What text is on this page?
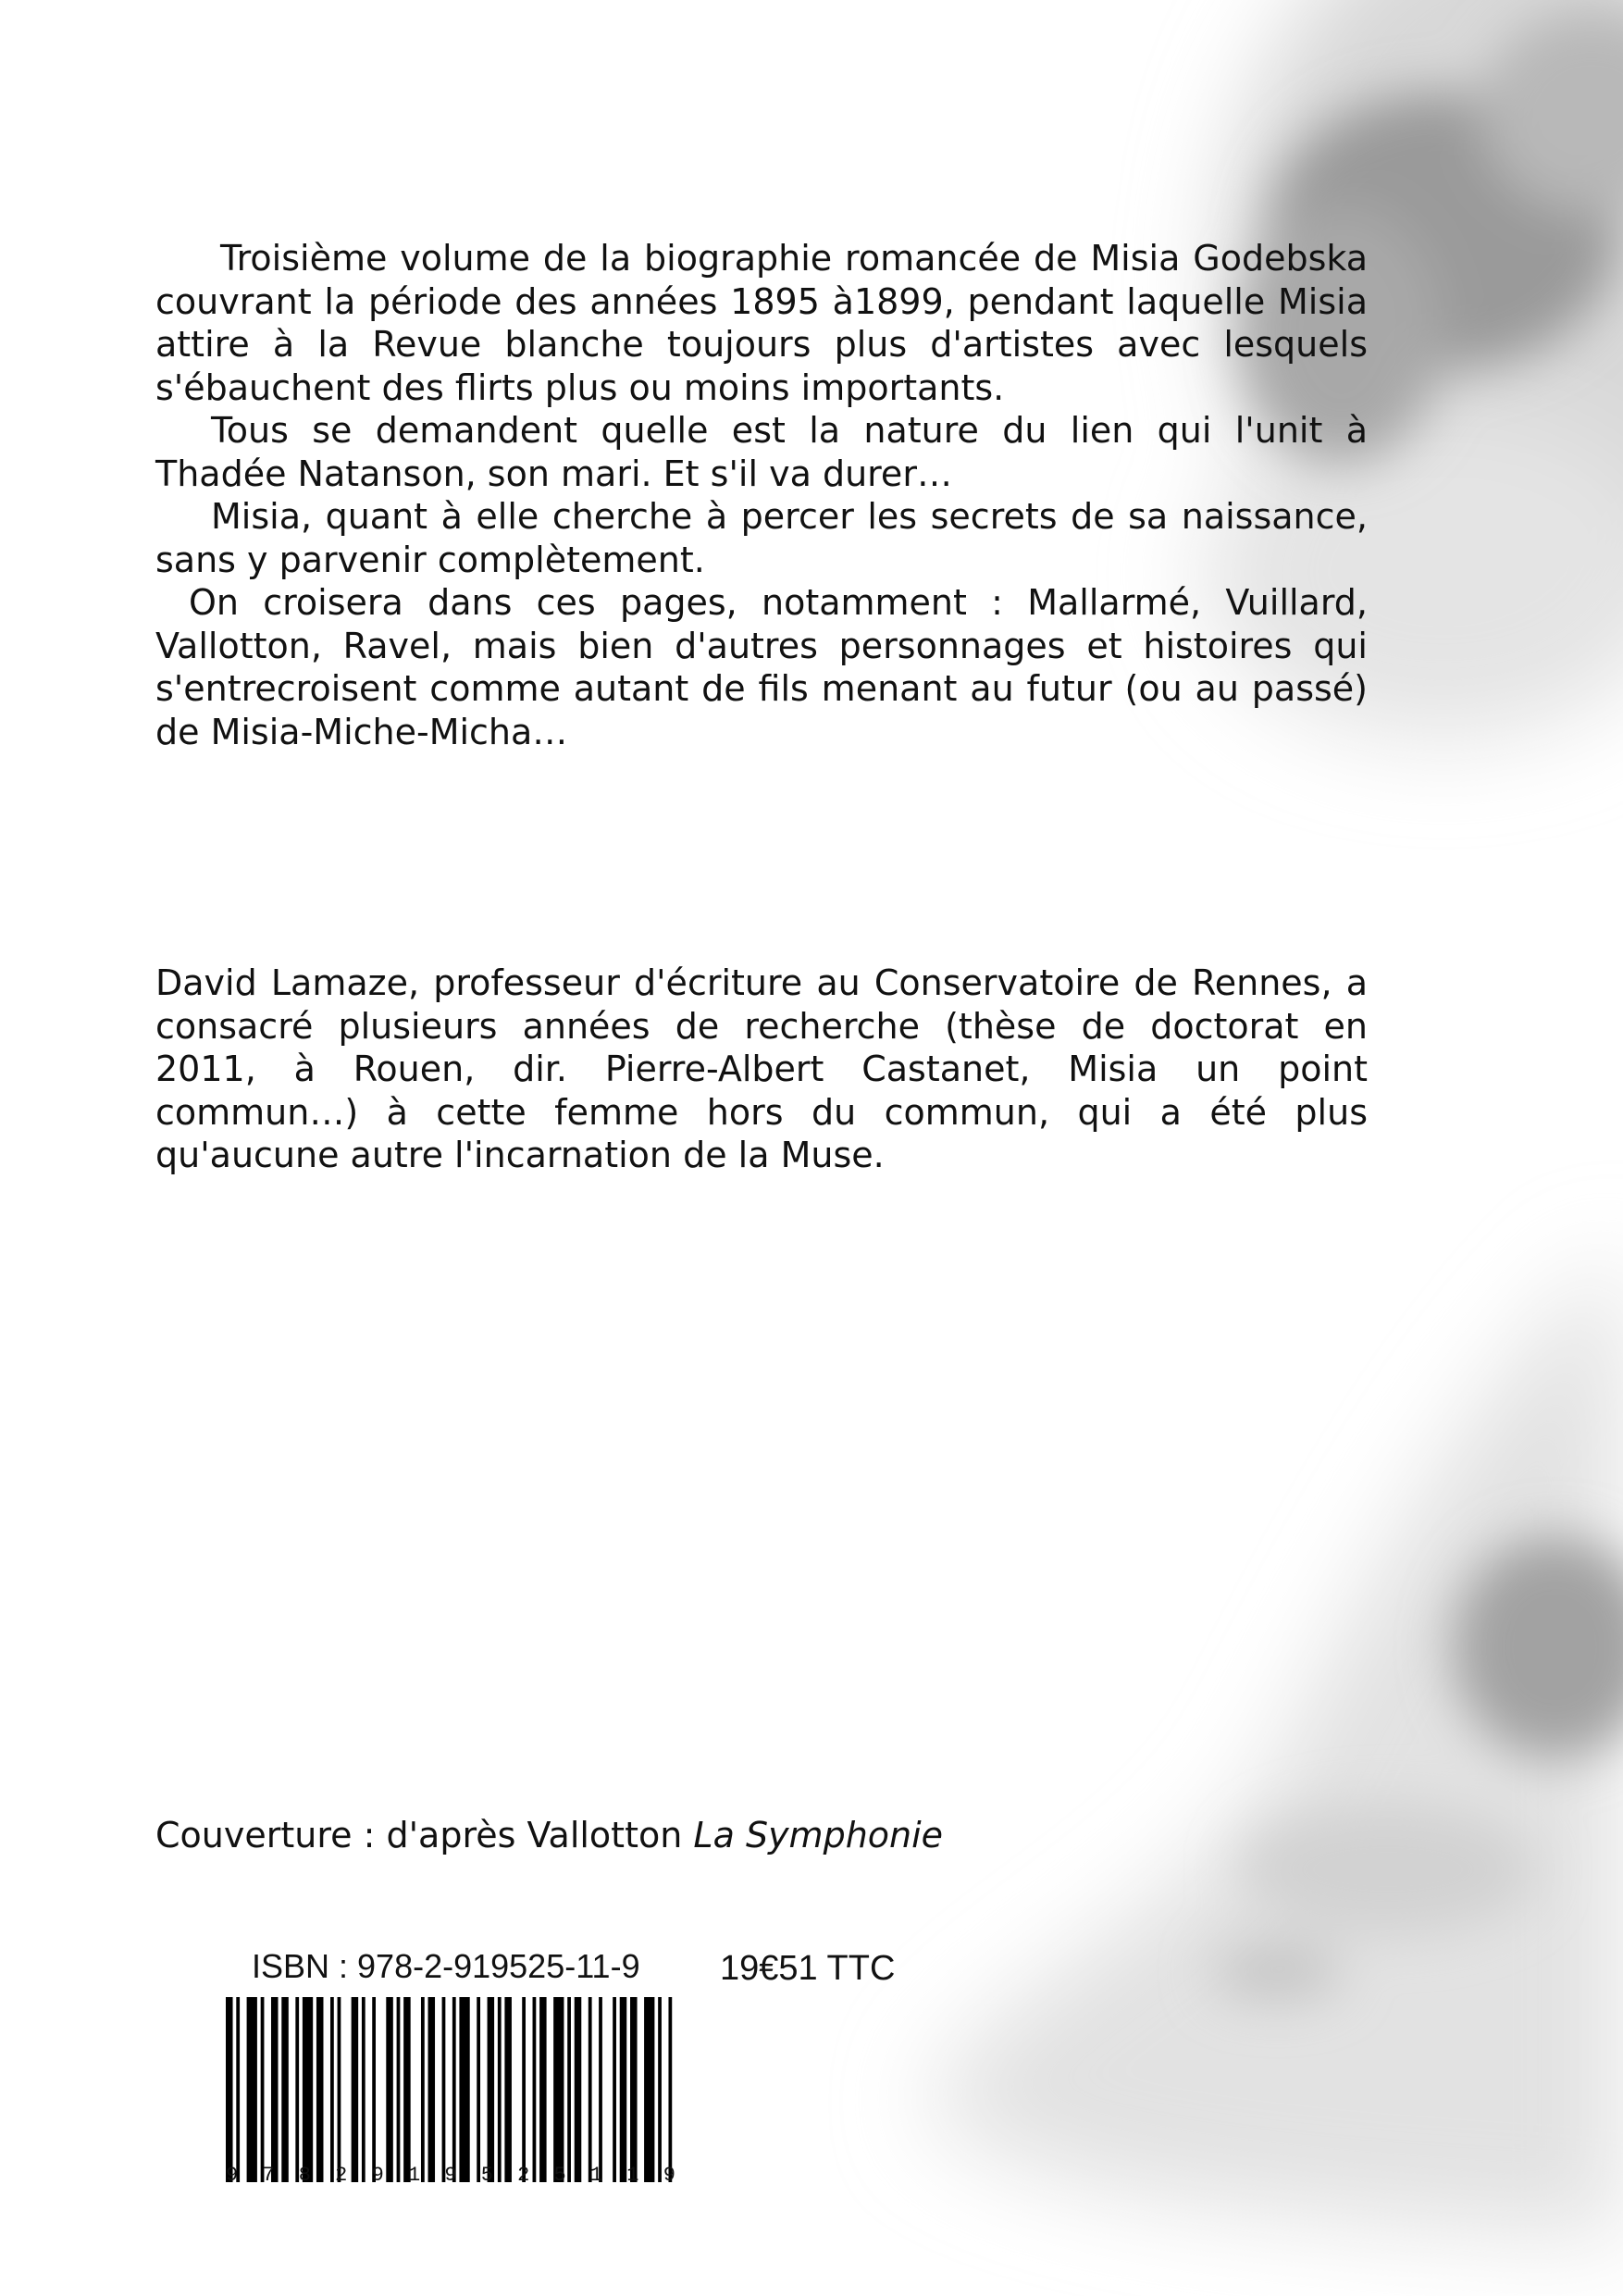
Troisième volume de la biographie romancée de Misia Godebska couvrant la période des années 1895 à1899, pendant laquelle Misia attire à la Revue blanche toujours plus d'artistes avec lesquels s'ébauchent des flirts plus ou moins importants.

Tous se demandent quelle est la nature du lien qui l'unit à Thadée Natanson, son mari. Et s'il va durer…

Misia, quant à elle cherche à percer les secrets de sa naissance, sans y parvenir complètement.

On croisera dans ces pages, notamment : Mallarmé, Vuillard, Vallotton, Ravel, mais bien d'autres personnages et histoires qui s'entrecroisent comme autant de fils menant au futur (ou au passé) de Misia-Miche-Micha…

David Lamaze, professeur d'écriture au Conservatoire de Rennes, a consacré plusieurs années de recherche (thèse de doctorat en 2011, à Rouen, dir. Pierre-Albert Castanet, Misia un point commun…) à cette femme hors du commun, qui a été plus qu'aucune autre l'incarnation de la Muse.

Couverture : d'après Vallotton La Symphonie
ISBN : 978-2-919525-11-9 19€51 TTC
9 7 8 2 9 1 9 5 2 5 1 1 9
